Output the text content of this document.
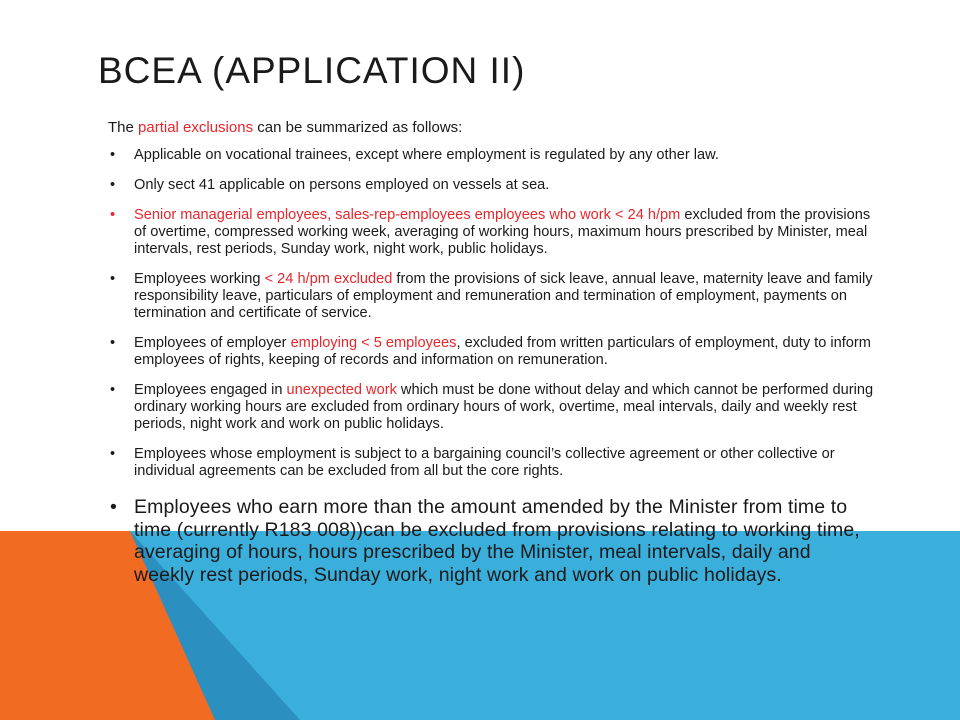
BCEA (APPLICATION II)
The partial exclusions can be summarized as follows:
• Applicable on vocational trainees, except where employment is regulated by any other law.
• Only sect 41 applicable on persons employed on vessels at sea.
• Senior managerial employees, sales-rep-employees employees who work < 24 h/pm excluded from the provisions of overtime, compressed working week, averaging of working hours, maximum hours prescribed by Minister, meal intervals, rest periods, Sunday work, night work, public holidays.
• Employees working < 24 h/pm excluded from the provisions of sick leave, annual leave, maternity leave and family responsibility leave, particulars of employment and remuneration and termination of employment, payments on termination and certificate of service.
• Employees of employer employing < 5 employees, excluded from written particulars of employment, duty to inform employees of rights, keeping of records and information on remuneration.
• Employees engaged in unexpected work which must be done without delay and which cannot be performed during ordinary working hours are excluded from ordinary hours of work, overtime, meal intervals, daily and weekly rest periods, night work and work on public holidays.
• Employees whose employment is subject to a bargaining council’s collective agreement or other collective or individual agreements can be excluded from all but the core rights.
• Employees who earn more than the amount amended by the Minister from time to time (currently R183 008))can be excluded from provisions relating to working time, averaging of hours, hours prescribed by the Minister, meal intervals, daily and weekly rest periods, Sunday work, night work and work on public holidays.
